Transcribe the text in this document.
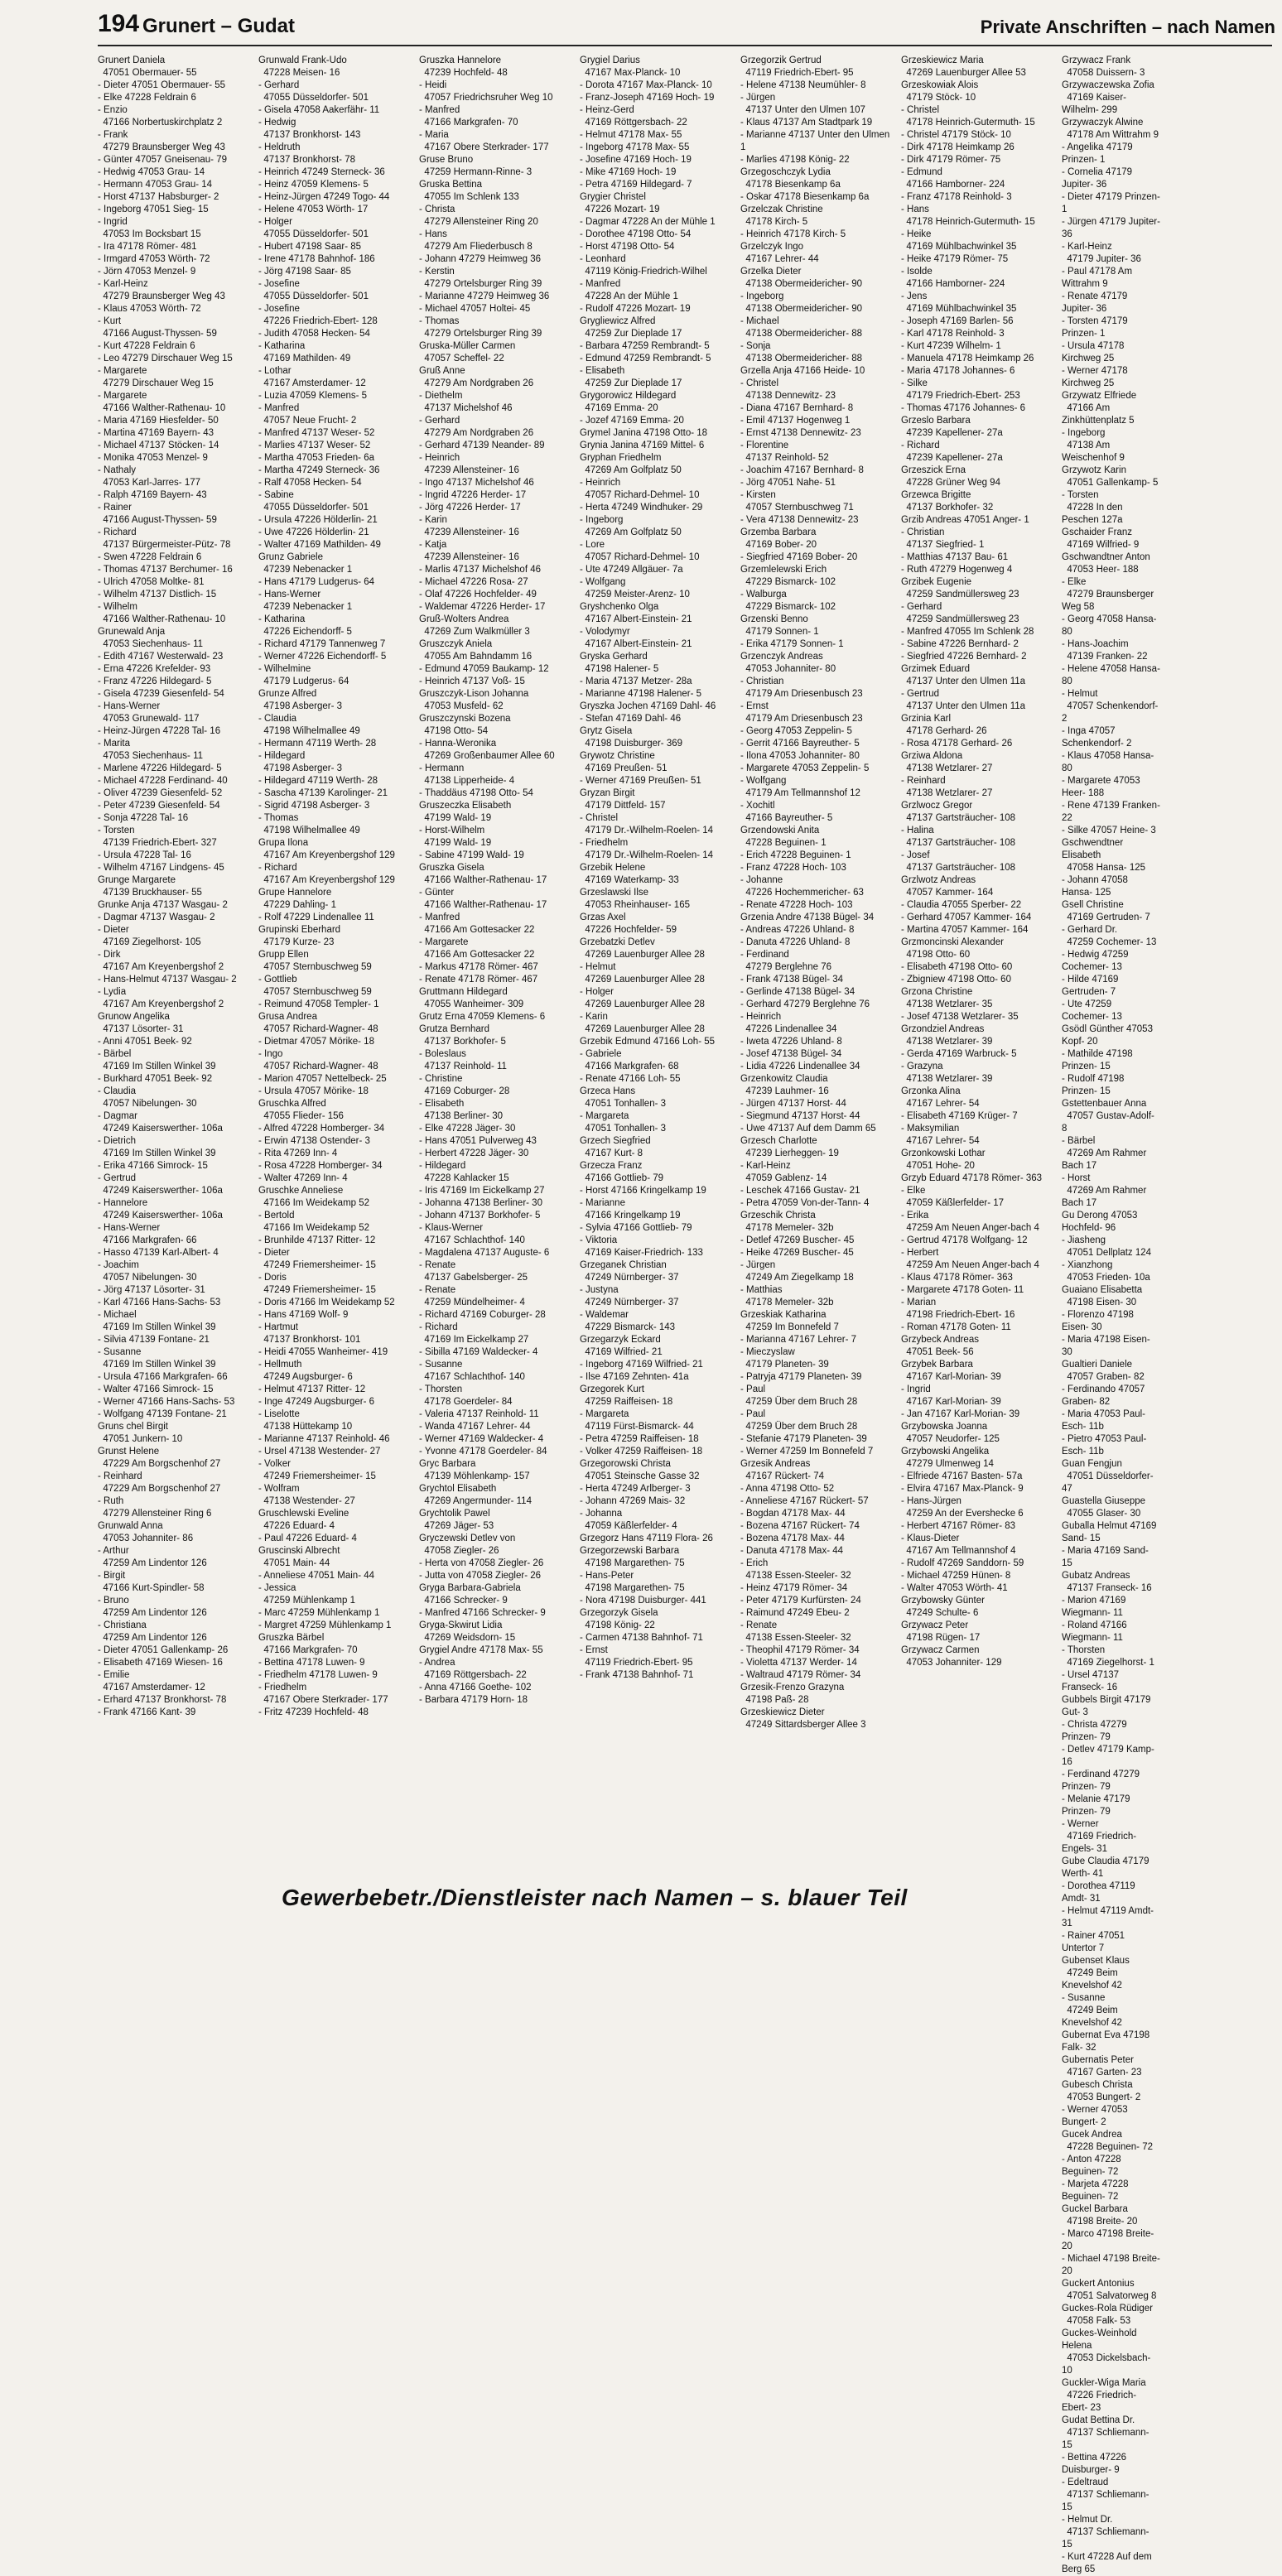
194 Grunert – Gudat	Private Anschriften – nach Namen
Grunert Daniela
47051 Obermauer- 55
- Dieter 47051 Obermauer- 55
- Elke 47228 Feldrain 6
- Enzio
47166 Norbertuskirchplatz 2
- Frank
47279 Braunsberger Weg 43
- Günter 47057 Gneisenau- 79
- Hedwig 47053 Grau- 14
- Hermann 47053 Grau- 14
- Horst 47137 Habsburger- 2
- Ingeborg 47051 Sieg- 15
- Ingrid
47053 Im Bocksbart 15
- Ira 47178 Römer- 481
- Irmgard 47053 Wörth- 72
- Jörn 47053 Menzel- 9
- Karl-Heinz
47279 Braunsberger Weg 43
- Klaus 47053 Wörth- 72
- Kurt
47166 August-Thyssen- 59
- Kurt 47228 Feldrain 6
- Leo 47279 Dirschauer Weg 15
- Margarete
47279 Dirschauer Weg 15
- Margarete
47166 Walther-Rathenau- 10
- Maria 47169 Hiesfelder- 50
- Martina 47169 Bayern- 43
- Michael 47137 Stöcken- 14
- Monika 47053 Menzel- 9
- Nathaly
47053 Karl-Jarres- 177
- Ralph 47169 Bayern- 43
- Rainer
47166 August-Thyssen- 59
- Richard
47137 Bürgermeister-Pütz- 78
- Swen 47228 Feldrain 6
- Thomas 47137 Berchumer- 16
- Ulrich 47058 Moltke- 81
- Wilhelm 47137 Distlich- 15
- Wilhelm
47166 Walther-Rathenau- 10
Grunewald Anja
47053 Siechenhaus- 11
- Edith 47167 Westerwald- 23
- Erna 47226 Krefelder- 93
- Franz 47226 Hildegard- 5
- Gisela 47239 Giesenfeld- 54
- Hans-Werner
47053 Grunewald- 117
- Heinz-Jürgen 47228 Tal- 16
- Marita
47053 Siechenhaus- 11
- Marlene 47226 Hildegard- 5
- Michael 47228 Ferdinand- 40
- Oliver 47239 Giesenfeld- 52
- Peter 47239 Giesenfeld- 54
- Sonja 47228 Tal- 16
- Torsten
47139 Friedrich-Ebert- 327
- Ursula 47228 Tal- 16
- Wilhelm 47167 Lindgens- 45
Grunge Margarete
47139 Bruckhauser- 55
Grunke Anja 47137 Wasgau- 2
- Dagmar 47137 Wasgau- 2
- Dieter
47169 Ziegelhorst- 105
- Dirk
47167 Am Kreyenbergshof 2
- Hans-Helmut 47137 Wasgau- 2
- Lydia
47167 Am Kreyenbergshof 2
Grunow Angelika
47137 Lösorter- 31
- Anni 47051 Beek- 92
- Bärbel
47169 Im Stillen Winkel 39
- Burkhard 47051 Beek- 92
- Claudia
47057 Nibelungen- 30
- Dagmar
47249 Kaiserswerther- 106a
- Dietrich
47169 Im Stillen Winkel 39
- Erika 47166 Simrock- 15
- Gertrud
47249 Kaiserswerther- 106a
- Hannelore
47249 Kaiserswerther- 106a
- Hans-Werner
47166 Markgrafen- 66
- Hasso 47139 Karl-Albert- 4
- Joachim
47057 Nibelungen- 30
- Jörg 47137 Lösorter- 31
- Karl 47166 Hans-Sachs- 53
- Michael
47169 Im Stillen Winkel 39
- Silvia 47139 Fontane- 21
- Susanne
47169 Im Stillen Winkel 39
- Ursula 47166 Markgrafen- 66
- Walter 47166 Simrock- 15
- Werner 47166 Hans-Sachs- 53
- Wolfgang 47139 Fontane- 21
Gruns chel Birgit
47051 Junkern- 10
Grunst Helene
47229 Am Borgschenhof 27
- Reinhard
47229 Am Borgschenhof 27
- Ruth
47279 Allensteiner Ring 6
Grunwald Anna
47053 Johanniter- 86
- Arthur
47259 Am Lindentor 126
- Birgit
47166 Kurt-Spindler- 58
- Bruno
47259 Am Lindentor 126
- Christiana
47259 Am Lindentor 126
- Dieter 47051 Gallenkamp- 26
- Elisabeth 47169 Wiesen- 16
- Emilie
47167 Amsterdamer- 12
- Erhard 47137 Bronkhorst- 78
- Frank 47166 Kant- 39
Grunwald Frank-Udo
47228 Meisen- 16
- Gerhard
47055 Düsseldorfer- 501
- Gisela 47058 Aakerfähr- 11
- Hedwig
47137 Bronkhorst- 143
- Heldruth
47137 Bronkhorst- 78
- Heinrich 47249 Sterneck- 36
- Heinz 47059 Klemens- 5
- Heinz-Jürgen 47249 Togo- 44
- Helene 47053 Wörth- 17
- Holger
47055 Düsseldorfer- 501
- Hubert 47198 Saar- 85
- Irene 47178 Bahnhof- 186
- Jörg 47198 Saar- 85
- Josefine
47055 Düsseldorfer- 501
- Josefine
47226 Friedrich-Ebert- 128
- Judith 47058 Hecken- 54
- Katharina
47169 Mathilden- 49
- Lothar
47167 Amsterdamer- 12
- Luzia 47059 Klemens- 5
- Manfred
47057 Neue Frucht- 2
- Manfred 47137 Weser- 52
- Marlies 47137 Weser- 52
- Martha 47053 Frieden- 6a
- Martha 47249 Sterneck- 36
- Ralf 47058 Hecken- 54
- Sabine
47055 Düsseldorfer- 501
- Ursula 47226 Hölderlin- 21
- Uwe 47226 Hölderlin- 21
- Walter 47169 Mathilden- 49
Grunz Gabriele
47239 Nebenacker 1
- Hans 47179 Ludgerus- 64
- Hans-Werner
47239 Nebenacker 1
- Katharina
47226 Eichendorff- 5
- Richard 47179 Tannenweg 7
- Werner 47226 Eichendorff- 5
- Wilhelmine
47179 Ludgerus- 64
Grunze Alfred
47198 Asberger- 3
- Claudia
47198 Wilhelmallee 49
- Hermann 47119 Werth- 28
- Hildegard
47198 Asberger- 3
- Hildegard 47119 Werth- 28
- Sascha 47139 Karolinger- 21
- Sigrid 47198 Asberger- 3
- Thomas
47198 Wilhelmallee 49
Grupa Ilona
47167 Am Kreyenbergshof 129
- Richard
47167 Am Kreyenbergshof 129
Grupe Hannelore
47229 Dahling- 1
- Rolf 47229 Lindenallee 11
Grupinski Eberhard
47179 Kurze- 23
Grupp Ellen
47057 Sternbuschweg 59
- Gottlieb
47057 Sternbuschweg 59
- Reimund 47058 Templer- 1
Grusa Andrea
47057 Richard-Wagner- 48
- Dietmar 47057 Mörike- 18
- Ingo
47057 Richard-Wagner- 48
- Marion 47057 Nettelbeck- 25
- Ursula 47057 Mörike- 18
Gruschka Alfred
47055 Flieder- 156
- Alfred 47228 Homberger- 34
- Erwin 47138 Ostender- 3
- Rita 47269 Inn- 4
- Rosa 47228 Homberger- 34
- Walter 47269 Inn- 4
Gruschke Anneliese
47166 Im Weidekamp 52
- Bertold
47166 Im Weidekamp 52
- Brunhilde 47137 Ritter- 12
- Dieter
47249 Friemersheimer- 15
- Doris
47249 Friemersheimer- 15
- Doris 47166 Im Weidekamp 52
- Hans 47169 Wolf- 9
- Hartmut
47137 Bronkhorst- 101
- Heidi 47055 Wanheimer- 419
- Hellmuth
47249 Augsburger- 6
- Helmut 47137 Ritter- 12
- Inge 47249 Augsburger- 6
- Liselotte
47138 Hüttekamp 10
- Marianne 47137 Reinhold- 46
- Ursel 47138 Westender- 27
- Volker
47249 Friemersheimer- 15
- Wolfram
47138 Westender- 27
Gruschlewski Eveline
47226 Eduard- 4
- Paul 47226 Eduard- 4
Gruscinski Albrecht
47051 Main- 44
- Anneliese 47051 Main- 44
- Jessica
47259 Mühlenkamp 1
- Marc 47259 Mühlenkamp 1
- Margret 47259 Mühlenkamp 1
Gruszka Bärbel
47166 Markgrafen- 70
- Bettina 47178 Luwen- 9
- Friedhelm 47178 Luwen- 9
- Friedhelm
47167 Obere Sterkrader- 177
- Fritz 47239 Hochfeld- 48
Gruszka Hannelore
47239 Hochfeld- 48
- Heidi
47057 Friedrichsruher Weg 10
- Manfred
47166 Markgrafen- 70
- Maria
47167 Obere Sterkrader- 177
Gruse Bruno
47259 Hermann-Rinne- 3
Gruska Bettina
47055 Im Schlenk 133
- Christa
47279 Allensteiner Ring 20
- Hans
47279 Am Fliederbusch 8
- Johann 47279 Heimweg 36
- Kerstin
47279 Ortelsburger Ring 39
- Marianne 47279 Heimweg 36
- Michael 47057 Holtei- 45
- Thomas
47279 Ortelsburger Ring 39
Gruska-Müller Carmen
47057 Scheffel- 22
Gruß Anne
47279 Am Nordgraben 26
- Diethelm
47137 Michelshof 46
- Gerhard
47279 Am Nordgraben 26
- Gerhard 47139 Neander- 89
- Heinrich
47239 Allensteiner- 16
- Ingo 47137 Michelshof 46
- Ingrid 47226 Herder- 17
- Jörg 47226 Herder- 17
- Karin
47239 Allensteiner- 16
- Katja
47239 Allensteiner- 16
- Marlis 47137 Michelshof 46
- Michael 47226 Rosa- 27
- Olaf 47226 Hochfelder- 49
- Waldemar 47226 Herder- 17
Gruß-Wolters Andrea
47269 Zum Walkmüller 3
Gruszczyk Aniela
47055 Am Bahndamm 16
- Edmund 47059 Baukamp- 12
- Heinrich 47137 Voß- 15
Gruszczyk-Lison Johanna
47053 Musfeld- 62
Gruszczynski Bozena
47198 Otto- 54
- Hanna-Weronika
47269 Großenbaumer Allee 60
- Hermann
47138 Lipperheide- 4
- Thaddäus 47198 Otto- 54
Gruszeczka Elisabeth
47199 Wald- 19
- Horst-Wilhelm
47199 Wald- 19
- Sabine 47199 Wald- 19
Gruszka Gisela
47166 Walther-Rathenau- 17
- Günter
47166 Walther-Rathenau- 17
- Manfred
47166 Am Gottesacker 22
- Margarete
47166 Am Gottesacker 22
- Markus 47178 Römer- 467
- Renate 47178 Römer- 467
Gruttmann Hildegard
47055 Wanheimer- 309
Grutz Erna 47059 Klemens- 6
Grutza Bernhard
47137 Borkhofer- 5
- Boleslaus
47137 Reinhold- 11
- Christine
47169 Coburger- 28
- Elisabeth
47138 Berliner- 30
- Elke 47228 Jäger- 30
- Hans 47051 Pulverweg 43
- Herbert 47228 Jäger- 30
- Hildegard
47228 Kahlacker 15
- Iris 47169 Im Eickelkamp 27
- Johanna 47138 Berliner- 30
- Johann 47137 Borkhofer- 5
- Klaus-Werner
47167 Schlachthof- 140
- Magdalena 47137 Auguste- 6
- Renate
47137 Gabelsberger- 25
- Renate
47259 Mündelheimer- 4
- Richard 47169 Coburger- 28
- Richard
47169 Im Eickelkamp 27
- Sibilla 47169 Waldecker- 4
- Susanne
47167 Schlachthof- 140
- Thorsten
47178 Goerdeler- 84
- Valeria 47137 Reinhold- 11
- Wanda 47167 Lehrer- 44
- Werner 47169 Waldecker- 4
- Yvonne 47178 Goerdeler- 84
Gryc Barbara
47139 Möhlenkamp- 157
Grychtol Elisabeth
47269 Angermunder- 114
Grychtolik Pawel
47269 Jäger- 53
Gryczewski Detlev von
47058 Ziegler- 26
- Herta von 47058 Ziegler- 26
- Jutta von 47058 Ziegler- 26
Gryga Barbara-Gabriela
47166 Schrecker- 9
- Manfred 47166 Schrecker- 9
Gryga-Skwirut Lidia
47269 Weidsdorn- 15
Grygiel Andre 47178 Max- 55
- Andrea
47169 Röttgersbach- 22
- Anna 47166 Goethe- 102
- Barbara 47179 Horn- 18
Grygiel Darius
47167 Max-Planck- 10
- Dorota 47167 Max-Planck- 10
- Franz-Joseph 47169 Hoch- 19
- Heinz-Gerd
47169 Röttgersbach- 22
- Helmut 47178 Max- 55
- Ingeborg 47178 Max- 55
- Josefine 47169 Hoch- 19
- Mike 47169 Hoch- 19
- Petra 47169 Hildegard- 7
Grygier Christel
47226 Mozart- 19
- Dagmar 47228 An der Mühle 1
- Dorothee 47198 Otto- 54
- Horst 47198 Otto- 54
- Leonhard
47119 König-Friedrich-Wilhel
- Manfred
47228 An der Mühle 1
- Rudolf 47226 Mozart- 19
Grygliewicz Alfred
47259 Zur Dieplade 17
- Barbara 47259 Rembrandt- 5
- Edmund 47259 Rembrandt- 5
- Elisabeth
47259 Zur Dieplade 17
Grygorowicz Hildegard
47169 Emma- 20
- Jozef 47169 Emma- 20
Grymel Janina 47198 Otto- 18
Grynia Janina 47169 Mittel- 6
Gryphan Friedhelm
47269 Am Golfplatz 50
- Heinrich
47057 Richard-Dehmel- 10
- Herta 47249 Windhuker- 29
- Ingeborg
47269 Am Golfplatz 50
- Lore
47057 Richard-Dehmel- 10
- Ute 47249 Allgäuer- 7a
- Wolfgang
47259 Meister-Arenz- 10
Gryshchenko Olga
47167 Albert-Einstein- 21
- Volodymyr
47167 Albert-Einstein- 21
Gryska Gerhard
47198 Halener- 5
- Maria 47137 Metzer- 28a
- Marianne 47198 Halener- 5
Gryszka Jochen 47169 Dahl- 46
- Stefan 47169 Dahl- 46
Grytz Gisela
47198 Duisburger- 369
Grywotz Christine
47169 Preußen- 51
- Werner 47169 Preußen- 51
Gryzan Birgit
47179 Dittfeld- 157
- Christel
47179 Dr.-Wilhelm-Roelen- 14
- Friedhelm
47179 Dr.-Wilhelm-Roelen- 14
Grzebik Helene
47169 Waterkamp- 33
Grzeslawski Ilse
47053 Rheinhauser- 165
Grzas Axel
47226 Hochfelder- 59
Grzebatzki Detlev
47269 Lauenburger Allee 28
- Helmut
47269 Lauenburger Allee 28
- Holger
47269 Lauenburger Allee 28
- Karin
47269 Lauenburger Allee 28
Grzebik Edmund 47166 Loh- 55
- Gabriele
47166 Markgrafen- 68
- Renate 47166 Loh- 55
Grzeca Hans
47051 Tonhallen- 3
- Margareta
47051 Tonhallen- 3
Grzech Siegfried
47167 Kurt- 8
Grzecza Franz
47166 Gottlieb- 79
- Horst 47166 Kringelkamp 19
- Marianne
47166 Kringelkamp 19
- Sylvia 47166 Gottlieb- 79
- Viktoria
47169 Kaiser-Friedrich- 133
Grzeganek Christian
47249 Nürnberger- 37
- Justyna
47249 Nürnberger- 37
- Waldemar
47229 Bismarck- 143
Grzegarzyk Eckard
47169 Wilfried- 21
- Ingeborg 47169 Wilfried- 21
- Ilse 47169 Zehnten- 41a
Grzegorek Kurt
47259 Raiffeisen- 18
- Margareta
47119 Fürst-Bismarck- 44
- Petra 47259 Raiffeisen- 18
- Volker 47259 Raiffeisen- 18
Grzegorowski Christa
47051 Steinsche Gasse 32
- Herta 47249 Arlberger- 3
- Johann 47269 Mais- 32
- Johanna
47059 Käßlerfelder- 4
Grzegorz Hans 47119 Flora- 26
Grzegorzewski Barbara
47198 Margarethen- 75
- Hans-Peter
47198 Margarethen- 75
- Nora 47198 Duisburger- 441
Grzegorzyk Gisela
47198 König- 22
- Carmen 47138 Bahnhof- 71
- Ernst
47119 Friedrich-Ebert- 95
- Frank 47138 Bahnhof- 71
Grzegorzik Gertrud
47119 Friedrich-Ebert- 95
- Helene 47138 Neumühler- 8
- Jürgen
47137 Unter den Ulmen 107
- Klaus 47137 Am Stadtpark 19
- Marianne 47137 Unter den Ulmen 1
- Marlies 47198 König- 22
Grzegoschczyk Lydia
47178 Biesenkamp 6a
- Oskar 47178 Biesenkamp 6a
Grzelczak Christine
47178 Kirch- 5
- Heinrich 47178 Kirch- 5
Grzelczyk Ingo
47167 Lehrer- 44
Grzelka Dieter
47138 Obermeidericher- 90
- Ingeborg
47138 Obermeidericher- 90
- Michael
47138 Obermeidericher- 88
- Sonja
47138 Obermeidericher- 88
Grzella Anja 47166 Heide- 10
- Christel
47138 Dennewitz- 23
- Diana 47167 Bernhard- 8
- Emil 47137 Hogenweg 1
- Ernst 47138 Dennewitz- 23
- Florentine
47137 Reinhold- 52
- Joachim 47167 Bernhard- 8
- Jörg 47051 Nahe- 51
- Kirsten
47057 Sternbuschweg 71
- Vera 47138 Dennewitz- 23
Grzemba Barbara
47169 Bober- 20
- Siegfried 47169 Bober- 20
Grzemlelewski Erich
47229 Bismarck- 102
- Walburga
47229 Bismarck- 102
Grzenski Benno
47179 Sonnen- 1
- Erika 47179 Sonnen- 1
Grzenczyk Andreas
47053 Johanniter- 80
- Christian
47179 Am Driesenbusch 23
- Ernst
47179 Am Driesenbusch 23
- Georg 47053 Zeppelin- 5
- Gerrit 47166 Bayreuther- 5
- Ilona 47053 Johanniter- 80
- Margarete 47053 Zeppelin- 5
- Wolfgang
47179 Am Tellmannshof 12
- Xochitl
47166 Bayreuther- 5
Grzendowski Anita
47228 Beguinen- 1
- Erich 47228 Beguinen- 1
- Franz 47228 Hoch- 103
- Johanne
47226 Hochemmericher- 63
- Renate 47228 Hoch- 103
Grzenia Andre 47138 Bügel- 34
- Andreas 47226 Uhland- 8
- Danuta 47226 Uhland- 8
- Ferdinand
47279 Berglehne 76
- Frank 47138 Bügel- 34
- Gerlinde 47138 Bügel- 34
- Gerhard 47279 Berglehne 76
- Heinrich
47226 Lindenallee 34
- Iweta 47226 Uhland- 8
- Josef 47138 Bügel- 34
- Lidia 47226 Lindenallee 34
Grzenkowitz Claudia
47239 Lauhmer- 16
- Jürgen 47137 Horst- 44
- Siegmund 47137 Horst- 44
- Uwe 47137 Auf dem Damm 65
Grzesch Charlotte
47239 Lierheggen- 19
- Karl-Heinz
47059 Gablenz- 14
- Leschek 47166 Gustav- 21
- Petra 47059 Von-der-Tann- 4
Grzeschik Christa
47178 Memeler- 32b
- Detlef 47269 Buscher- 45
- Heike 47269 Buscher- 45
- Jürgen
47249 Am Ziegelkamp 18
- Matthias
47178 Memeler- 32b
Grzeskiak Katharina
47259 Im Bonnefeld 7
- Marianna 47167 Lehrer- 7
- Mieczyslaw
47179 Planeten- 39
- Patryja 47179 Planeten- 39
- Paul
47259 Über dem Bruch 28
- Paul
47259 Über dem Bruch 28
- Stefanie 47179 Planeten- 39
- Werner 47259 Im Bonnefeld 7
Grzesik Andreas
47167 Rückert- 74
- Anna 47198 Otto- 52
- Anneliese 47167 Rückert- 57
- Bogdan 47178 Max- 44
- Bozena 47167 Rückert- 74
- Bozena 47178 Max- 44
- Danuta 47178 Max- 44
- Erich
47138 Essen-Steeler- 32
- Heinz 47179 Römer- 34
- Peter 47179 Kurfürsten- 24
- Raimund 47249 Ebeu- 2
- Renate
47138 Essen-Steeler- 32
- Theophil 47179 Römer- 34
- Violetta 47137 Werder- 14
- Waltraud 47179 Römer- 34
Grzesik-Frenzo Grazyna
47198 Paß- 28
Grzeskiewicz Dieter
47249 Sittardsberger Allee 3
Grzeskiewicz Maria
47269 Lauenburger Allee 53
Grzeskowiak Alois
47179 Stöck- 10
- Christel
47178 Heinrich-Gutermuth- 15
- Christel 47179 Stöck- 10
- Dirk 47178 Heimkamp 26
- Dirk 47179 Römer- 75
- Edmund
47166 Hamborner- 224
- Franz 47178 Reinhold- 3
- Hans
47178 Heinrich-Gutermuth- 15
- Heike
47169 Mühlbachwinkel 35
- Heike 47179 Römer- 75
- Isolde
47166 Hamborner- 224
- Jens
47169 Mühlbachwinkel 35
- Joseph 47169 Barlen- 56
- Karl 47178 Reinhold- 3
- Kurt 47239 Wilhelm- 1
- Manuela 47178 Heimkamp 26
- Maria 47178 Johannes- 6
- Silke
47179 Friedrich-Ebert- 253
- Thomas 47176 Johannes- 6
Grzeslo Barbara
47239 Kapellener- 27a
- Richard
47239 Kapellener- 27a
Grzeszick Erna
47228 Grüner Weg 94
Grzewca Brigitte
47137 Borkhofer- 32
Grzib Andreas 47051 Anger- 1
- Christian
47137 Siegfried- 1
- Matthias 47137 Bau- 61
- Ruth 47279 Hogenweg 4
Grzibek Eugenie
47259 Sandmüllersweg 23
- Gerhard
47259 Sandmüllersweg 23
- Manfred 47055 Im Schlenk 28
- Sabine 47226 Bernhard- 2
- Siegfried 47226 Bernhard- 2
Grzimek Eduard
47137 Unter den Ulmen 11a
- Gertrud
47137 Unter den Ulmen 11a
Grzinia Karl
47178 Gerhard- 26
- Rosa 47178 Gerhard- 26
Grziwa Aldona
47138 Wetzlarer- 27
- Reinhard
47138 Wetzlarer- 27
Grzlwocz Gregor
47137 Gartsträucher- 108
- Halina
47137 Gartsträucher- 108
- Josef
47137 Gartsträucher- 108
Grzlwotz Andreas
47057 Kammer- 164
- Claudia 47055 Sperber- 22
- Gerhard 47057 Kammer- 164
- Martina 47057 Kammer- 164
Grzmoncinski Alexander
47198 Otto- 60
- Elisabeth 47198 Otto- 60
- Zbigniew 47198 Otto- 60
Grzona Christine
47138 Wetzlarer- 35
- Josef 47138 Wetzlarer- 35
Grzondziel Andreas
47138 Wetzlarer- 39
- Gerda 47169 Warbruck- 5
- Grazyna
47138 Wetzlarer- 39
Grzonka Alina
47167 Lehrer- 54
- Elisabeth 47169 Krüger- 7
- Maksymilian
47167 Lehrer- 54
Grzonkowski Lothar
47051 Hohe- 20
Grzyb Eduard 47178 Römer- 363
- Elke
47059 Käßlerfelder- 17
- Erika
47259 Am Neuen Anger-bach 4
- Gertrud 47178 Wolfgang- 12
- Herbert
47259 Am Neuen Anger-bach 4
- Klaus 47178 Römer- 363
- Margarete 47178 Goten- 11
- Marian
47198 Friedrich-Ebert- 16
- Roman 47178 Goten- 11
Grzybeck Andreas
47051 Beek- 56
Grzybek Barbara
47167 Karl-Morian- 39
- Ingrid
47167 Karl-Morian- 39
- Jan 47167 Karl-Morian- 39
Grzybowska Joanna
47057 Neudorfer- 125
Grzybowski Angelika
47279 Ulmenweg 14
- Elfriede 47167 Basten- 57a
- Elvira 47167 Max-Planck- 9
- Hans-Jürgen
47259 An der Evershecke 6
- Herbert 47167 Römer- 83
- Klaus-Dieter
47167 Am Tellmannshof 4
- Rudolf 47269 Sanddorn- 59
- Michael 47259 Hünen- 8
- Walter 47053 Wörth- 41
Grzybowsky Günter
47249 Schulte- 6
Grzywacz Peter
47198 Rügen- 17
Grzywacz Carmen
47053 Johanniter- 129
Grzywacz Frank
47058 Duissern- 3
Grzywaczewska Zofia
47169 Kaiser-Wilhelm- 299
Grzywaczyk Alwine
47178 Am Wittrahm 9
- Angelika 47179 Prinzen- 1
- Cornelia 47179 Jupiter- 36
- Dieter 47179 Prinzen- 1
- Jürgen 47179 Jupiter- 36
- Karl-Heinz
47179 Jupiter- 36
- Paul 47178 Am Wittrahm 9
- Renate 47179 Jupiter- 36
- Torsten 47179 Prinzen- 1
- Ursula 47178 Kirchweg 25
- Werner 47178 Kirchweg 25
Grzywatz Elfriede
47166 Am Zinkhüttenplatz 5
- Ingeborg
47138 Am Weischenhof 9
Grzywotz Karin
47051 Gallenkamp- 5
- Torsten
47228 In den Peschen 127a
Gschaider Franz
47169 Wilfried- 9
Gschwandtner Anton
47053 Heer- 188
- Elke
47279 Braunsberger Weg 58
- Georg 47058 Hansa- 80
- Hans-Joachim
47139 Franken- 22
- Helene 47058 Hansa- 80
- Helmut
47057 Schenkendorf- 2
- Inga 47057 Schenkendorf- 2
- Klaus 47058 Hansa- 80
- Margarete 47053 Heer- 188
- Rene 47139 Franken- 22
- Silke 47057 Heine- 3
Gschwendtner Elisabeth
47058 Hansa- 125
- Johann 47058 Hansa- 125
Gsell Christine
47169 Gertruden- 7
- Gerhard Dr.
47259 Cochemer- 13
- Hedwig 47259 Cochemer- 13
- Hilde 47169 Gertruden- 7
- Ute 47259 Cochemer- 13
Gsödl Günther 47053 Kopf- 20
- Mathilde 47198 Prinzen- 15
- Rudolf 47198 Prinzen- 15
Gstettenbauer Anna
47057 Gustav-Adolf- 8
- Bärbel
47269 Am Rahmer Bach 17
- Horst
47269 Am Rahmer Bach 17
Gu Derong 47053 Hochfeld- 96
- Jiasheng
47051 Dellplatz 124
- Xianzhong
47053 Frieden- 10a
Guaiano Elisabetta
47198 Eisen- 30
- Florenzo 47198 Eisen- 30
- Maria 47198 Eisen- 30
Gualtieri Daniele
47057 Graben- 82
- Ferdinando 47057 Graben- 82
- Maria 47053 Paul-Esch- 11b
- Pietro 47053 Paul-Esch- 11b
Guan Fengjun
47051 Düsseldorfer- 47
Guastella Giuseppe
47055 Glaser- 30
Guballa Helmut 47169 Sand- 15
- Maria 47169 Sand- 15
Gubatz Andreas
47137 Franseck- 16
- Marion 47169 Wiegmann- 11
- Roland 47166 Wiegmann- 11
- Thorsten
47169 Ziegelhorst- 1
- Ursel 47137 Franseck- 16
Gubbels Birgit 47179 Gut- 3
- Christa 47279 Prinzen- 79
- Detlev 47179 Kamp- 16
- Ferdinand 47279 Prinzen- 79
- Melanie 47179 Prinzen- 79
- Werner
47169 Friedrich-Engels- 31
Gube Claudia 47179 Werth- 41
- Dorothea 47119 Amdt- 31
- Helmut 47119 Amdt- 31
- Rainer 47051 Untertor 7
Gubenset Klaus
47249 Beim Knevelshof 42
- Susanne
47249 Beim Knevelshof 42
Gubernat Eva 47198 Falk- 32
Gubernatis Peter
47167 Garten- 23
Gubesch Christa
47053 Bungert- 2
- Werner 47053 Bungert- 2
Gucek Andrea
47228 Beguinen- 72
- Anton 47228 Beguinen- 72
- Marjeta 47228 Beguinen- 72
Guckel Barbara
47198 Breite- 20
- Marco 47198 Breite- 20
- Michael 47198 Breite- 20
Guckert Antonius
47051 Salvatorweg 8
Guckes-Rola Rüdiger
47058 Falk- 53
Guckes-Weinhold Helena
47053 Dickelsbach- 10
Guckler-Wiga Maria
47226 Friedrich-Ebert- 23
Gudat Bettina Dr.
47137 Schliemann- 15
- Bettina 47226 Duisburger- 9
- Edeltraud
47137 Schliemann- 15
- Helmut Dr.
47137 Schliemann- 15
- Kurt 47228 Auf dem Berg 65
Gewerbebetr./Dienstleister nach Namen – s. blauer Teil
